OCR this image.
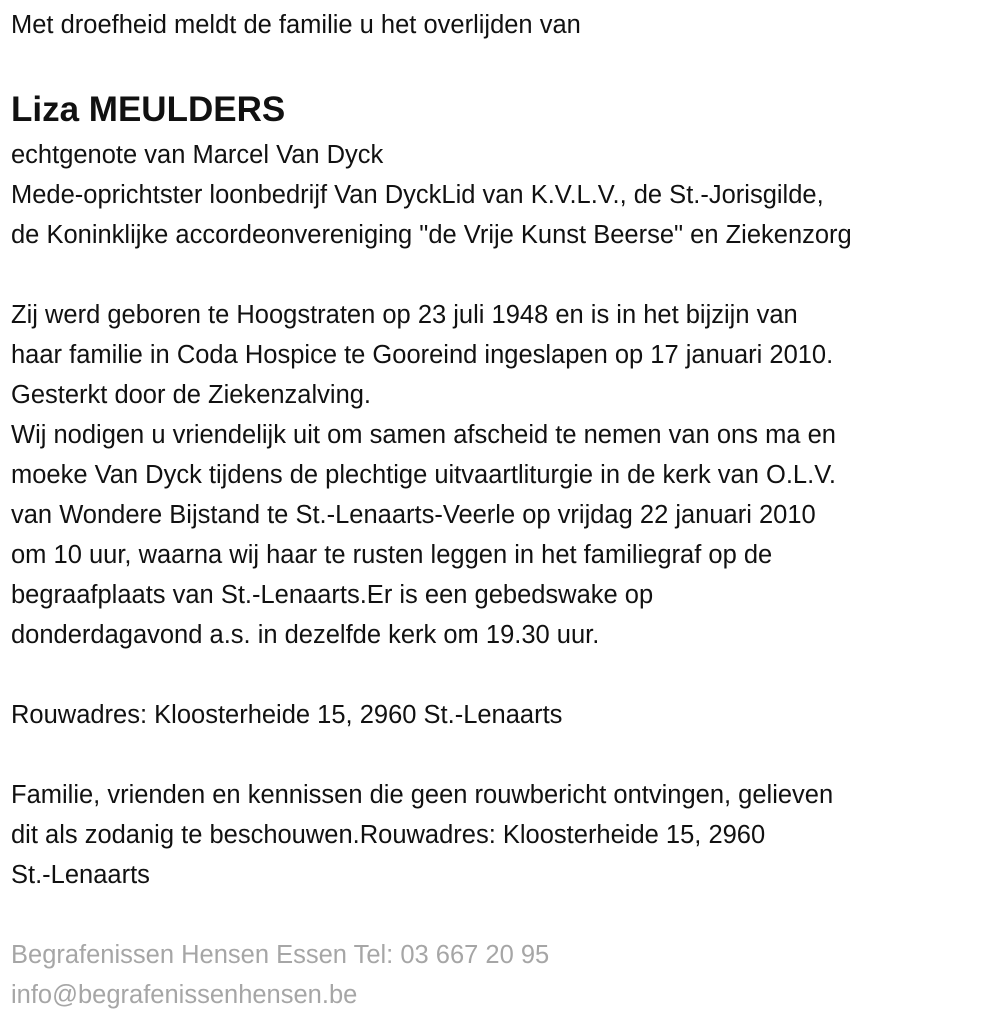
Met droefheid meldt de familie u het overlijden van
Liza MEULDERS
echtgenote van Marcel Van Dyck
Mede-oprichtster loonbedrijf Van DyckLid van K.V.L.V., de St.-Jorisgilde,
de Koninklijke accordeonvereniging "de Vrije Kunst Beerse" en Ziekenzorg
Zij werd geboren te Hoogstraten op 23 juli 1948 en is in het bijzijn van
haar familie in Coda Hospice te Gooreind ingeslapen op 17 januari 2010.
Gesterkt door de Ziekenzalving.
Wij nodigen u vriendelijk uit om samen afscheid te nemen van ons ma en
moeke Van Dyck tijdens de plechtige uitvaartliturgie in de kerk van O.L.V.
van Wondere Bijstand te St.-Lenaarts-Veerle op vrijdag 22 januari 2010
om 10 uur, waarna wij haar te rusten leggen in het familiegraf op de
begraafplaats van St.-Lenaarts.Er is een gebedswake op
donderdagavond a.s. in dezelfde kerk om 19.30 uur.
Rouwadres: Kloosterheide 15, 2960 St.-Lenaarts
Familie, vrienden en kennissen die geen rouwbericht ontvingen, gelieven
dit als zodanig te beschouwen.Rouwadres: Kloosterheide 15, 2960
St.-Lenaarts
Begrafenissen Hensen Essen Tel: 03 667 20 95
info@begrafenissenhensen.be
